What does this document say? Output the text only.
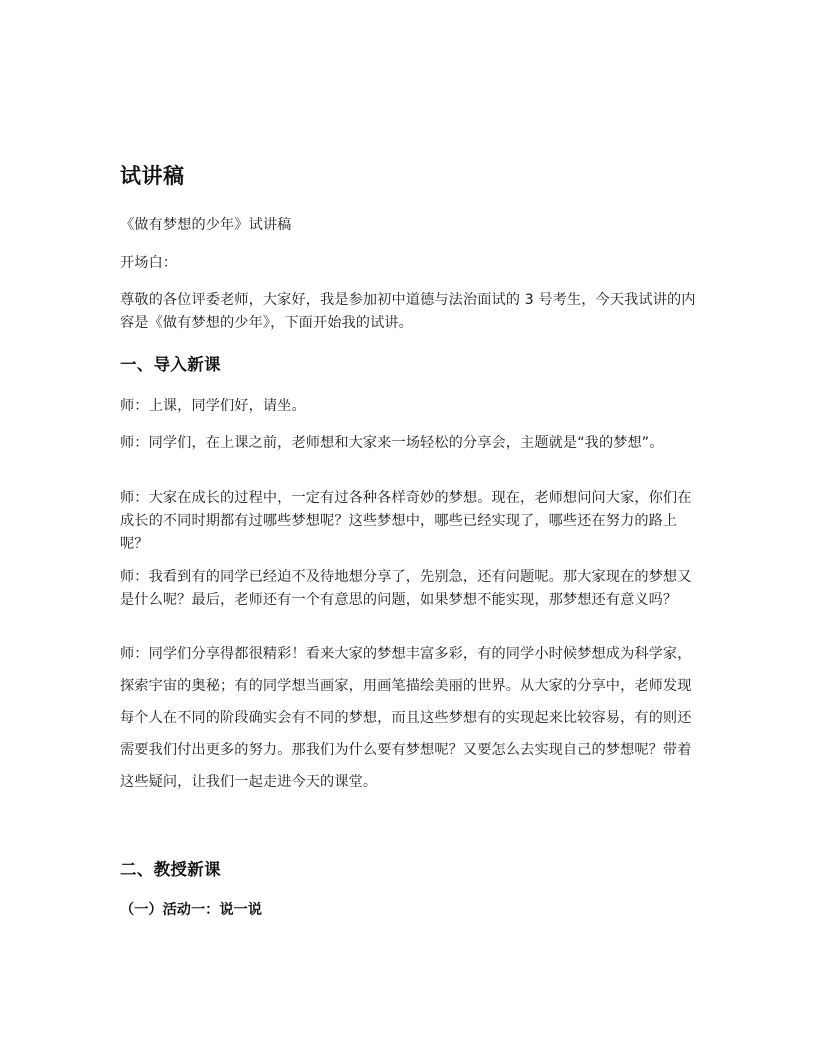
试讲稿

《做有梦想的少年》试讲稿

开场白：

尊敬的各位评委老师，大家好，我是参加初中道德与法治面试的 3 号考生，今天我试讲的内容是《做有梦想的少年》，下面开始我的试讲。

一、导入新课

师：上课，同学们好，请坐。

师：同学们，在上课之前，老师想和大家来一场轻松的分享会，主题就是“我的梦想”。

师：大家在成长的过程中，一定有过各种各样奇妙的梦想。现在，老师想问问大家，你们在成长的不同时期都有过哪些梦想呢？这些梦想中，哪些已经实现了，哪些还在努力的路上呢？

师：我看到有的同学已经迫不及待地想分享了，先别急，还有问题呢。那大家现在的梦想又是什么呢？最后，老师还有一个有意思的问题，如果梦想不能实现，那梦想还有意义吗？

师：同学们分享得都很精彩！看来大家的梦想丰富多彩，有的同学小时候梦想成为科学家，探索宇宙的奥秘；有的同学想当画家，用画笔描绘美丽的世界。从大家的分享中，老师发现每个人在不同的阶段确实会有不同的梦想，而且这些梦想有的实现起来比较容易，有的则还需要我们付出更多的努力。那我们为什么要有梦想呢？又要怎么去实现自己的梦想呢？带着这些疑问，让我们一起走进今天的课堂。

二、教授新课
（一）活动一：说一说
